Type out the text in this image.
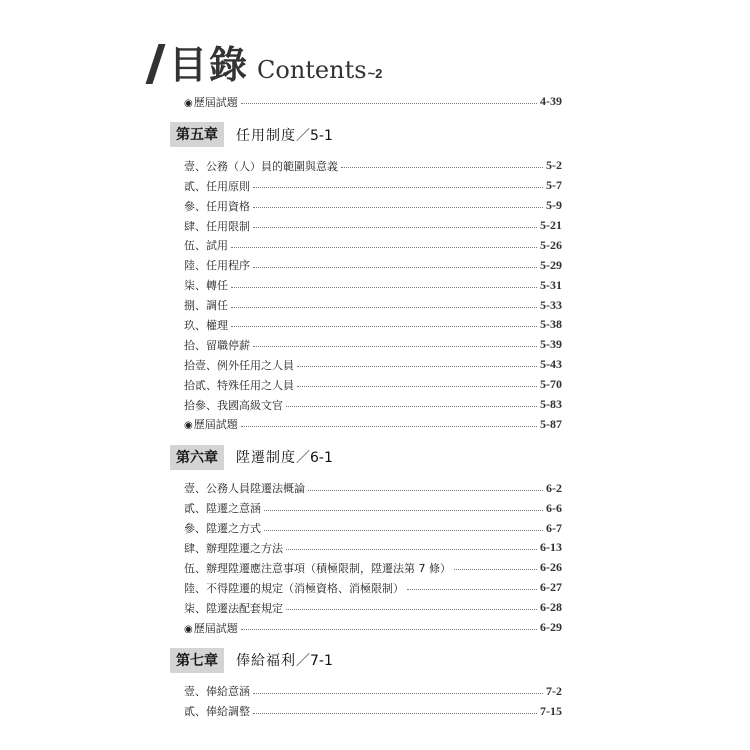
目錄 Contents ~2
◉ 歷屆試題	4-39
第五章	任用制度 ／5-1
壹、公務（人）員的範圍與意義	5-2
貳、任用原則	5-7
參、任用資格	5-9
肆、任用限制	5-21
伍、試用	5-26
陸、任用程序	5-29
柒、轉任	5-31
捌、調任	5-33
玖、權理	5-38
拾、留職停薪	5-39
拾壹、例外任用之人員	5-43
拾貳、特殊任用之人員	5-70
拾參、我國高級文官	5-83
◉ 歷屆試題	5-87
第六章	陞遷制度 ／6-1
壹、公務人員陞遷法概論	6-2
貳、陞遷之意涵	6-6
參、陞遷之方式	6-7
肆、辦理陞遷之方法	6-13
伍、辦理陞遷應注意事項（積極限制，陞遷法第 7 條）	6-26
陸、不得陞遷的規定（消極資格、消極限制）	6-27
柒、陞遷法配套規定	6-28
◉ 歷屆試題	6-29
第七章	俸給福利 ／7-1
壹、俸給意涵	7-2
貳、俸給調整	7-15
